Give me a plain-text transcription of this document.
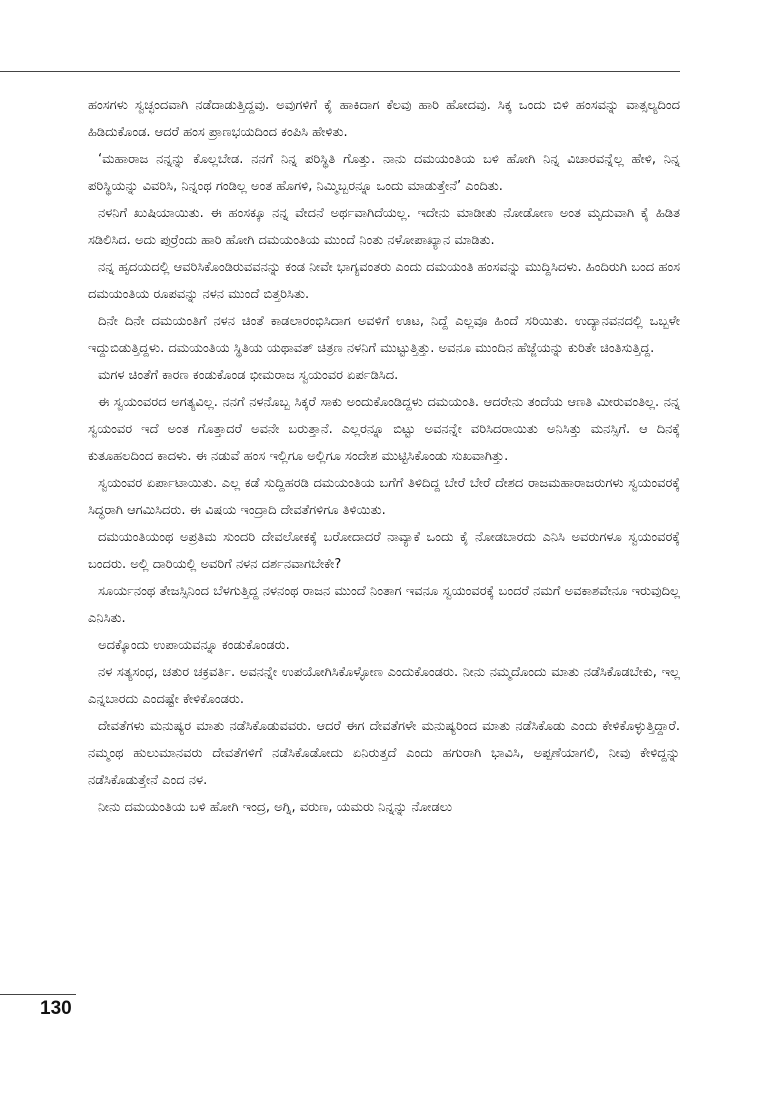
ಹಂಸಗಳು ಸ್ವಚ್ಛಂದವಾಗಿ ನಡೆದಾಡುತ್ತಿದ್ದವು. ಅವುಗಳಿಗೆ ಕೈ ಹಾಕಿದಾಗ ಕೆಲವು ಹಾರಿ ಹೋದವು. ಸಿಕ್ಕ ಒಂದು ಬಿಳಿ ಹಂಸವನ್ನು ವಾತ್ಸಲ್ಯದಿಂದ ಹಿಡಿದುಕೊಂಡ. ಆದರೆ ಹಂಸ ಪ್ರಾಣಭಯದಿಂದ ಕಂಪಿಸಿ ಹೇಳಿತು.

‘ಮಹಾರಾಜ ನನ್ನನ್ನು ಕೊಲ್ಲಬೇಡ. ನನಗೆ ನಿನ್ನ ಪರಿಸ್ಥಿತಿ ಗೊತ್ತು. ನಾನು ದಮಯಂತಿಯ ಬಳಿ ಹೋಗಿ ನಿನ್ನ ವಿಚಾರವನ್ನೆಲ್ಲ ಹೇಳಿ, ನಿನ್ನ ಪರಿಸ್ಥಿಯನ್ನು ವಿವರಿಸಿ, ನಿನ್ನಂಥ ಗಂಡಿಲ್ಲ ಅಂತ ಹೊಗಳಿ, ನಿಮ್ಮಿಬ್ಬರನ್ನೂ ಒಂದು ಮಾಡುತ್ತೇನೆ’ ಎಂದಿತು.

ನಳನಿಗೆ ಖುಷಿಯಾಯಿತು. ಈ ಹಂಸಕ್ಕೂ ನನ್ನ ವೇದನೆ ಅರ್ಥವಾಗಿದೆಯಲ್ಲ. ಇದೇನು ಮಾಡೀತು ನೋಡೋಣ ಅಂತ ಮೃದುವಾಗಿ ಕೈ ಹಿಡಿತ ಸಡಿಲಿಸಿದ. ಅದು ಪುರ್‍ರೆಂದು ಹಾರಿ ಹೋಗಿ ದಮಯಂತಿಯ ಮುಂದೆ ನಿಂತು ನಳೋಪಾಖ್ಯಾನ ಮಾಡಿತು.

ನನ್ನ ಹೃದಯದಲ್ಲಿ ಆವರಿಸಿಕೊಂಡಿರುವವನನ್ನು ಕಂಡ ನೀವೇ ಭಾಗ್ಯವಂತರು ಎಂದು ದಮಯಂತಿ ಹಂಸವನ್ನು ಮುದ್ದಿಸಿದಳು. ಹಿಂದಿರುಗಿ ಬಂದ ಹಂಸ ದಮಯಂತಿಯ ರೂಪವನ್ನು ನಳನ ಮುಂದೆ ಬಿತ್ತರಿಸಿತು.

ದಿನೇ ದಿನೇ ದಮಯಂತಿಗೆ ನಳನ ಚಿಂತೆ ಕಾಡಲಾರಂಭಿಸಿದಾಗ ಅವಳಿಗೆ ಊಟ, ನಿದ್ದೆ ಎಲ್ಲವೂ ಹಿಂದೆ ಸರಿಯಿತು. ಉದ್ಯಾನವನದಲ್ಲಿ ಒಬ್ಬಳೇ ಇದ್ದುಬಿಡುತ್ತಿದ್ದಳು. ದಮಯಂತಿಯ ಸ್ಥಿತಿಯ ಯಥಾವತ್ ಚಿತ್ರಣ ನಳನಿಗೆ ಮುಟ್ಟುತ್ತಿತ್ತು. ಅವನೂ ಮುಂದಿನ ಹೆಜ್ಜೆಯನ್ನು ಕುರಿತೇ ಚಿಂತಿಸುತ್ತಿದ್ದ.

ಮಗಳ ಚಿಂತೆಗೆ ಕಾರಣ ಕಂಡುಕೊಂಡ ಭೀಮರಾಜ ಸ್ವಯಂವರ ಏರ್ಪಡಿಸಿದ.

ಈ ಸ್ವಯಂವರದ ಅಗತ್ಯವಿಲ್ಲ. ನನಗೆ ನಳನೊಬ್ಬ ಸಿಕ್ಕರೆ ಸಾಕು ಅಂದುಕೊಂಡಿದ್ದಳು ದಮಯಂತಿ. ಆದರೇನು ತಂದೆಯ ಆಣತಿ ಮೀರುವಂತಿಲ್ಲ. ನನ್ನ ಸ್ವಯಂವರ ಇದೆ ಅಂತ ಗೊತ್ತಾದರೆ ಅವನೇ ಬರುತ್ತಾನೆ. ಎಲ್ಲರನ್ನೂ ಬಿಟ್ಟು ಅವನನ್ನೇ ವರಿಸಿದರಾಯಿತು ಅನಿಸಿತ್ತು ಮನಸ್ಸಿಗೆ. ಆ ದಿನಕ್ಕೆ ಕುತೂಹಲದಿಂದ ಕಾದಳು. ಈ ನಡುವೆ ಹಂಸ ಇಲ್ಲಿಗೂ ಅಲ್ಲಿಗೂ ಸಂದೇಶ ಮುಟ್ಟಿಸಿಕೊಂಡು ಸುಖವಾಗಿತ್ತು.

ಸ್ವಯಂವರ ಏರ್ಪಾಟಾಯಿತು. ಎಲ್ಲ ಕಡೆ ಸುದ್ದಿಹರಡಿ ದಮಯಂತಿಯ ಬಗೆಗೆ ತಿಳಿದಿದ್ದ ಬೇರೆ ಬೇರೆ ದೇಶದ ರಾಜಮಹಾರಾಜರುಗಳು ಸ್ವಯಂವರಕ್ಕೆ ಸಿದ್ಧರಾಗಿ ಆಗಮಿಸಿದರು. ಈ ವಿಷಯ ಇಂದ್ರಾದಿ ದೇವತೆಗಳಿಗೂ ತಿಳಿಯಿತು.

ದಮಯಂತಿಯಂಥ ಅಪ್ರತಿಮ ಸುಂದರಿ ದೇವಲೋಕಕ್ಕೆ ಬರೋದಾದರೆ ನಾವ್ಯಾಕೆ ಒಂದು ಕೈ ನೋಡಬಾರದು ಎನಿಸಿ ಅವರುಗಳೂ ಸ್ವಯಂವರಕ್ಕೆ ಬಂದರು. ಅಲ್ಲಿ ದಾರಿಯಲ್ಲಿ ಅವರಿಗೆ ನಳನ ದರ್ಶನವಾಗಬೇಕೇ?

ಸೂರ್ಯನಂಥ ತೇಜಸ್ಸಿನಿಂದ ಬೆಳಗುತ್ತಿದ್ದ ನಳನಂಥ ರಾಜನ ಮುಂದೆ ನಿಂತಾಗ ಇವನೂ ಸ್ವಯಂವರಕ್ಕೆ ಬಂದರೆ ನಮಗೆ ಅವಕಾಶವೇನೂ ಇರುವುದಿಲ್ಲ ಎನಿಸಿತು.

ಅದಕ್ಕೊಂದು ಉಪಾಯವನ್ನೂ ಕಂಡುಕೊಂಡರು.

ನಳ ಸತ್ಯಸಂಧ, ಚತುರ ಚಕ್ರವರ್ತಿ. ಅವನನ್ನೇ ಉಪಯೋಗಿಸಿಕೊಳ್ಳೋಣ ಎಂದುಕೊಂಡರು. ನೀನು ನಮ್ಮದೊಂದು ಮಾತು ನಡೆಸಿಕೊಡಬೇಕು, ಇಲ್ಲ ಎನ್ನಬಾರದು ಎಂದಷ್ಟೇ ಕೇಳಿಕೊಂಡರು.

ದೇವತೆಗಳು ಮನುಷ್ಯರ ಮಾತು ನಡೆಸಿಕೊಡುವವರು. ಆದರೆ ಈಗ ದೇವತೆಗಳೇ ಮನುಷ್ಯರಿಂದ ಮಾತು ನಡೆಸಿಕೊಡು ಎಂದು ಕೇಳಿಕೊಳ್ಳುತ್ತಿದ್ದಾರೆ. ನಮ್ಮಂಥ ಹುಲುಮಾನವರು ದೇವತೆಗಳಿಗೆ ನಡೆಸಿಕೊಡೋದು ಏನಿರುತ್ತದೆ ಎಂದು ಹಗುರಾಗಿ ಭಾವಿಸಿ, ಅಪ್ಪಣೆಯಾಗಲಿ, ನೀವು ಕೇಳಿದ್ದನ್ನು ನಡೆಸಿಕೊಡುತ್ತೇನೆ ಎಂದ ನಳ.

ನೀನು ದಮಯಂತಿಯ ಬಳಿ ಹೋಗಿ ಇಂದ್ರ, ಅಗ್ನಿ, ವರುಣ, ಯಮರು ನಿನ್ನನ್ನು ನೋಡಲು

130
